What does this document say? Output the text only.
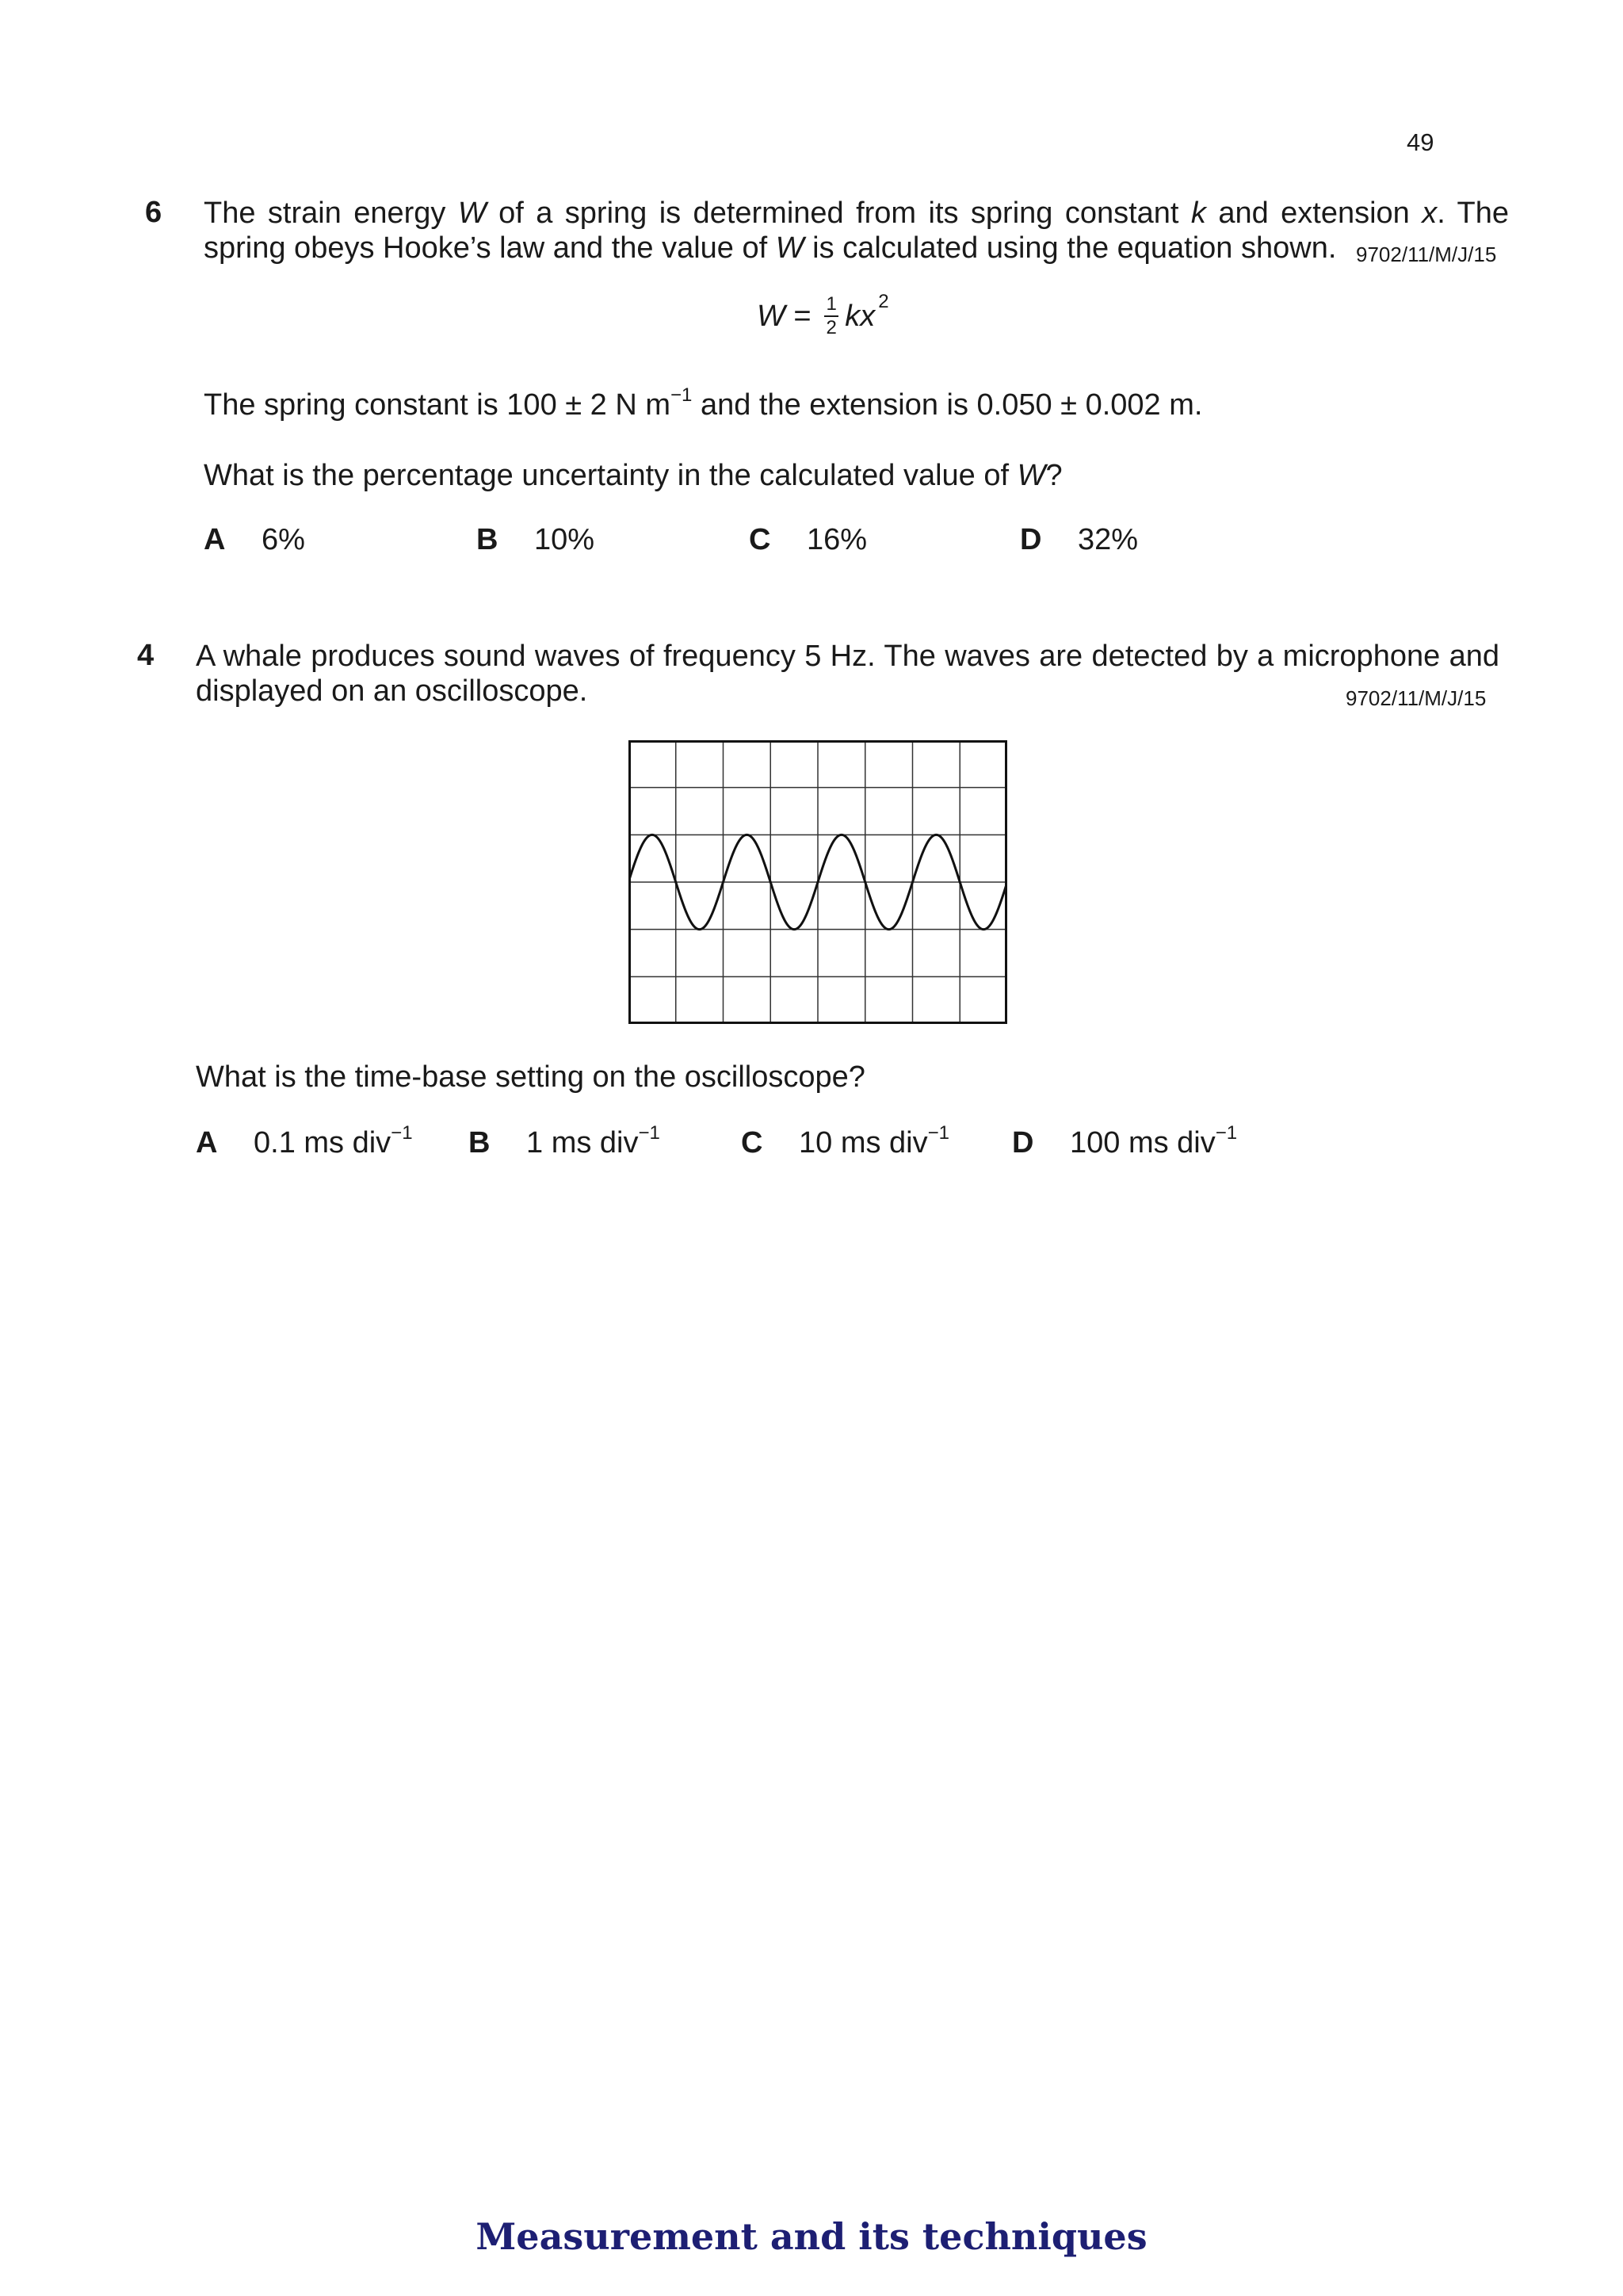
49
6 The strain energy W of a spring is determined from its spring constant k and extension x. The
spring obeys Hooke’s law and the value of W is calculated using the equation shown. 9702/11/M/J/15
$W = \frac{1}{2} kx^2$
The spring constant is 100 ± 2 N $m^{-1}$ and the extension is 0.050 ± 0.002 m.
What is the percentage uncertainty in the calculated value of W?
A 6%	B 10%	C 16%	D 32%
4 A whale produces sound waves of frequency 5 Hz. The waves are detected by a microphone and
displayed on an oscilloscope.	9702/11/M/J/15
What is the time-base setting on the oscilloscope?
A 0.1 ms div$^{-1}$ B 1 ms div$^{-1}$	C 10 ms div$^{-1}$ D 100 ms div$^{-1}$
Measurement and its techniques
